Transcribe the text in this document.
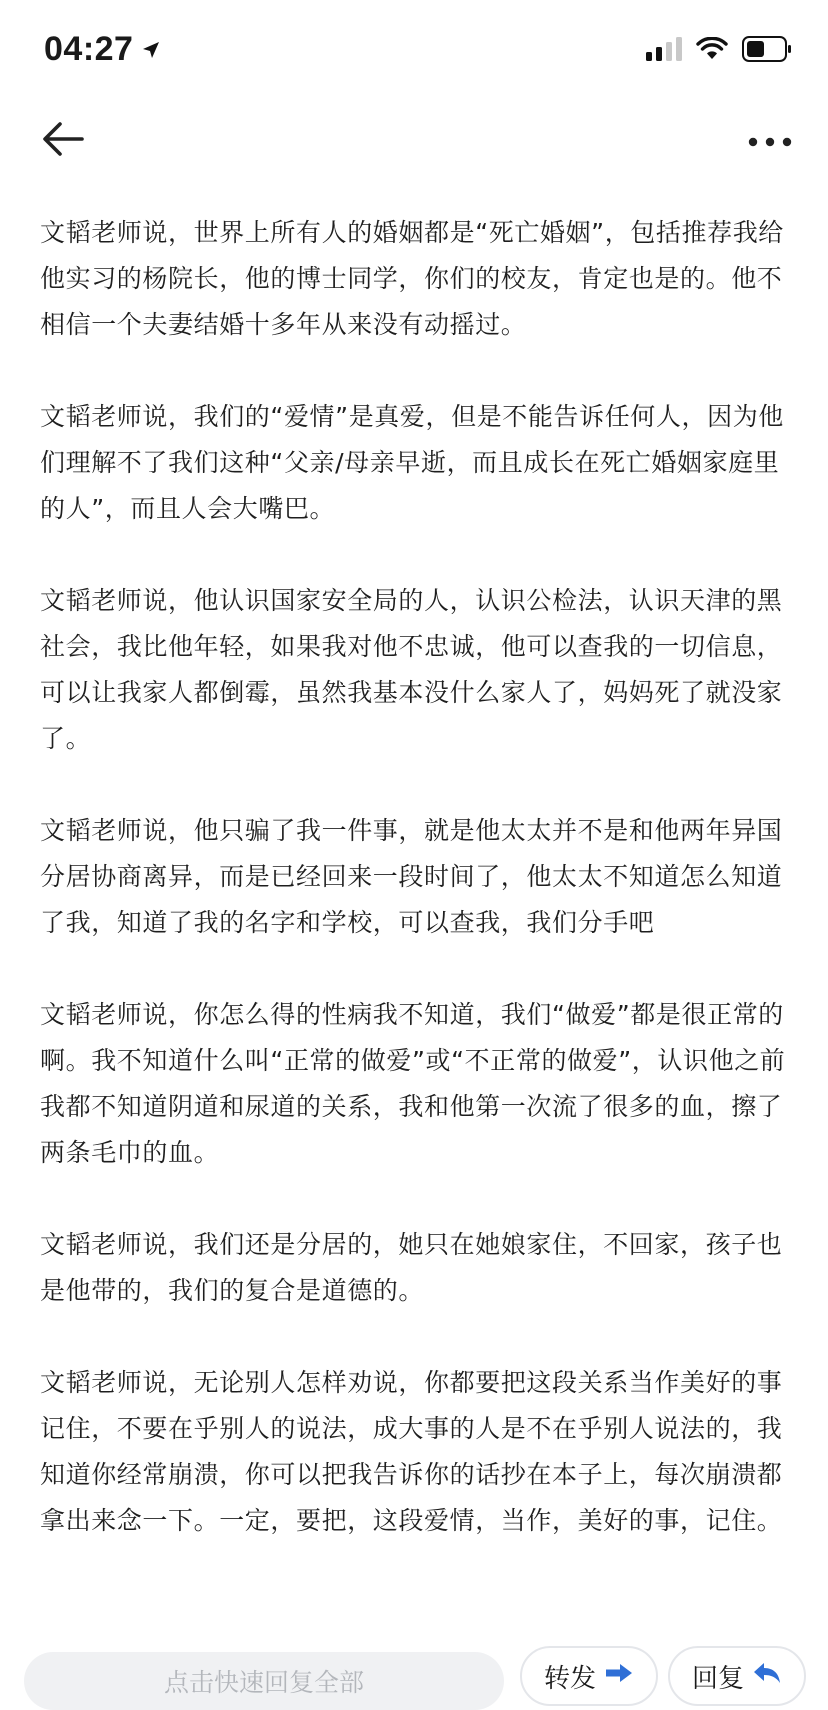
04:27

文韬老师说，世界上所有人的婚姻都是“死亡婚姻”，包括推荐我给他实习的杨院长，他的博士同学，你们的校友，肯定也是的。他不相信一个夫妻结婚十多年从来没有动摇过。

文韬老师说，我们的“爱情”是真爱，但是不能告诉任何人，因为他们理解不了我们这种“父亲/母亲早逝，而且成长在死亡婚姻家庭里的人”，而且人会大嘴巴。

文韬老师说，他认识国家安全局的人，认识公检法，认识天津的黑社会，我比他年轻，如果我对他不忠诚，他可以查我的一切信息，可以让我家人都倒霉，虽然我基本没什么家人了，妈妈死了就没家了。

文韬老师说，他只骗了我一件事，就是他太太并不是和他两年异国分居协商离异，而是已经回来一段时间了，他太太不知道怎么知道了我，知道了我的名字和学校，可以查我，我们分手吧

文韬老师说，你怎么得的性病我不知道，我们“做爱”都是很正常的啊。我不知道什么叫“正常的做爱”或“不正常的做爱”，认识他之前我都不知道阴道和尿道的关系，我和他第一次流了很多的血，擦了两条毛巾的血。

文韬老师说，我们还是分居的，她只在她娘家住，不回家，孩子也是他带的，我们的复合是道德的。

文韬老师说，无论别人怎样劝说，你都要把这段关系当作美好的事记住，不要在乎别人的说法，成大事的人是不在乎别人说法的，我知道你经常崩溃，你可以把我告诉你的话抄在本子上，每次崩溃都拿出来念一下。一定，要把，这段爱情，当作，美好的事，记住。

点击快速回复全部	转发	回复
